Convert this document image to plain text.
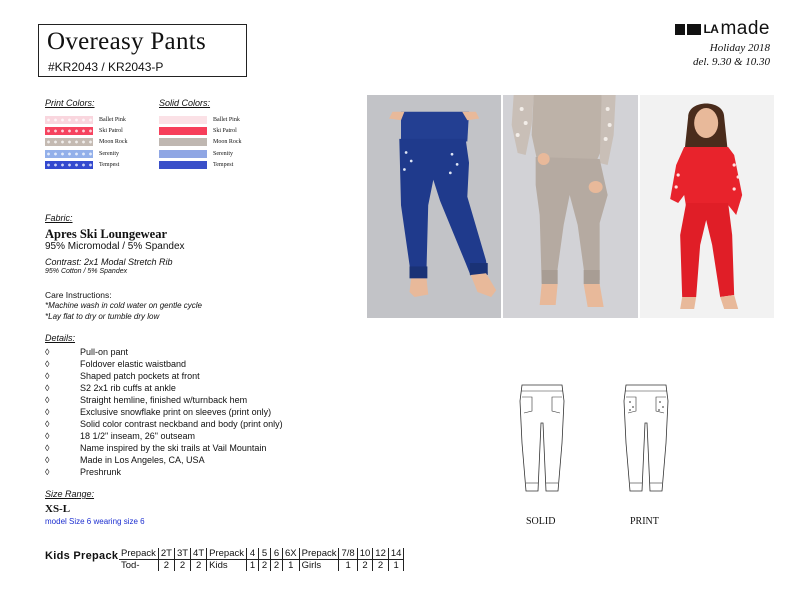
Overeasy Pants
#KR2043 / KR2043-P
LA made
Holiday 2018
del. 9.30 & 10.30
Print Colors:	Solid Colors:
Ballet Pink
Ski Patrol
Moon Rock
Serenity
Tempest
Ballet Pink
Ski Patrol
Moon Rock
Serenity
Tempest
Fabric:
Apres Ski Loungewear
95% Micromodal / 5% Spandex
Contrast: 2x1 Modal Stretch Rib
95% Cotton / 5% Spandex
Care Instructions:
*Machine wash in cold water on gentle cycle
*Lay flat to dry or tumble dry low
Details:
◊	Pull-on pant
◊	Foldover elastic waistband
◊	Shaped patch pockets at front
◊	S2 2x1 rib cuffs at ankle
◊	Straight hemline, finished w/turnback hem
◊	Exclusive snowflake print on sleeves (print only)
◊	Solid color contrast neckband and body (print only)
◊	18 1/2" inseam, 26" outseam
◊	Name inspired by the ski trails at Vail Mountain
◊	Made in Los Angeles, CA, USA
◊	Preshrunk
Size Range:
XS-L
model Size 6 wearing size 6
Kids Prepack Prepack	2T	3T	4T	Prepack	4	5	6	6X	Prepack	7/8	10	12	14
Tod-	2	2	2	Kids	1	2	2	1	Girls	1	2	2	1
SOLID	PRINT
